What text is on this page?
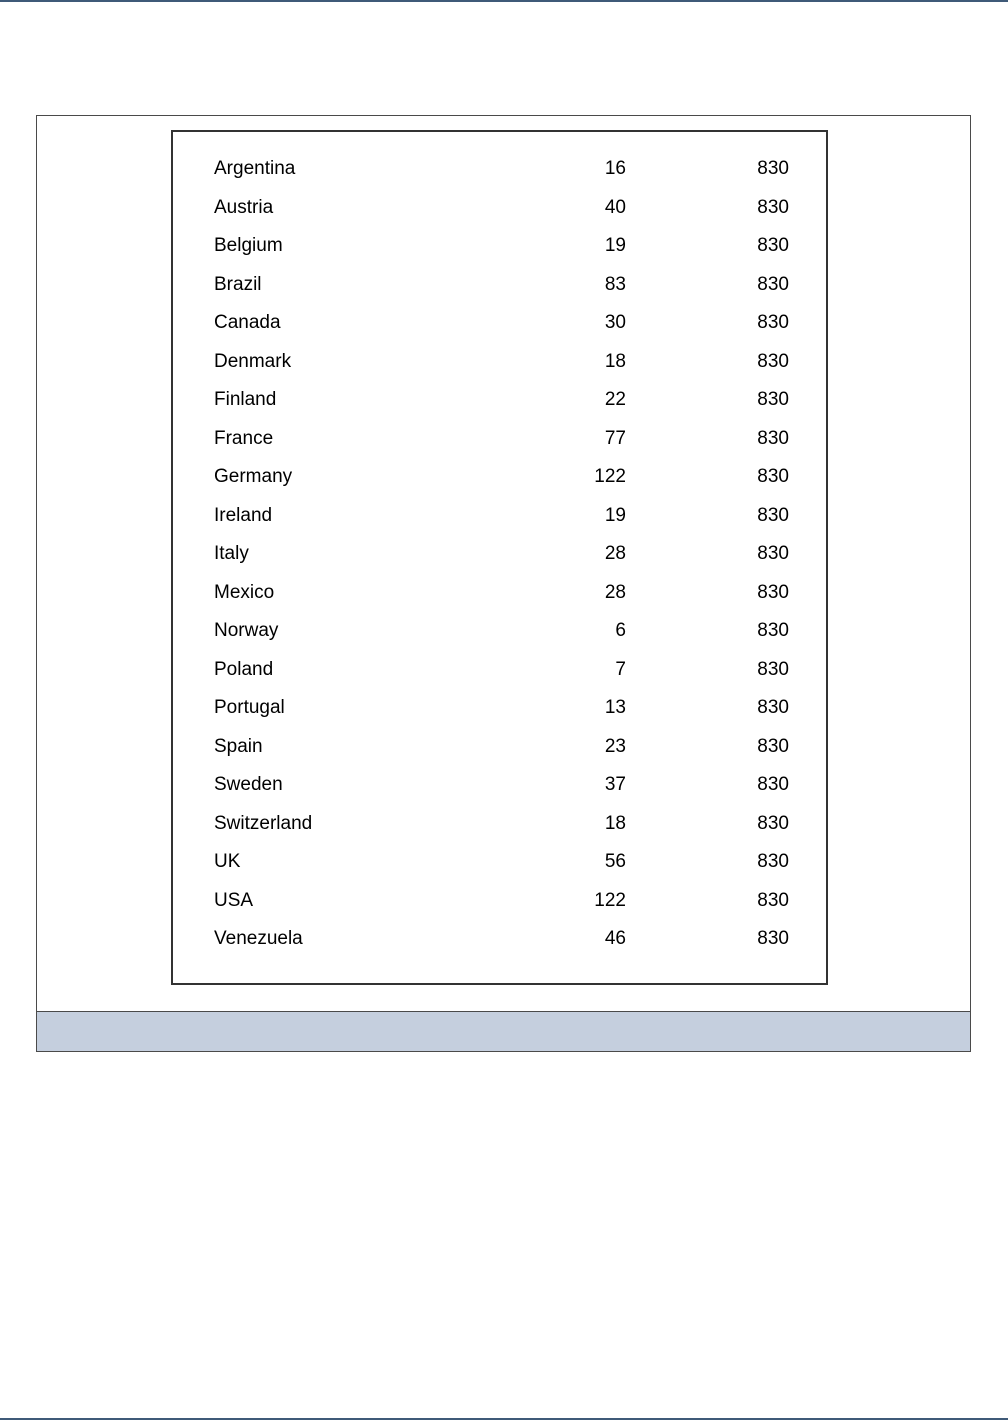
Argentina	16	830
Austria	40	830
Belgium	19	830
Brazil	83	830
Canada	30	830
Denmark	18	830
Finland	22	830
France	77	830
Germany	122	830
Ireland	19	830
Italy	28	830
Mexico	28	830
Norway	6	830
Poland	7	830
Portugal	13	830
Spain	23	830
Sweden	37	830
Switzerland	18	830
UK	56	830
USA	122	830
Venezuela	46	830
